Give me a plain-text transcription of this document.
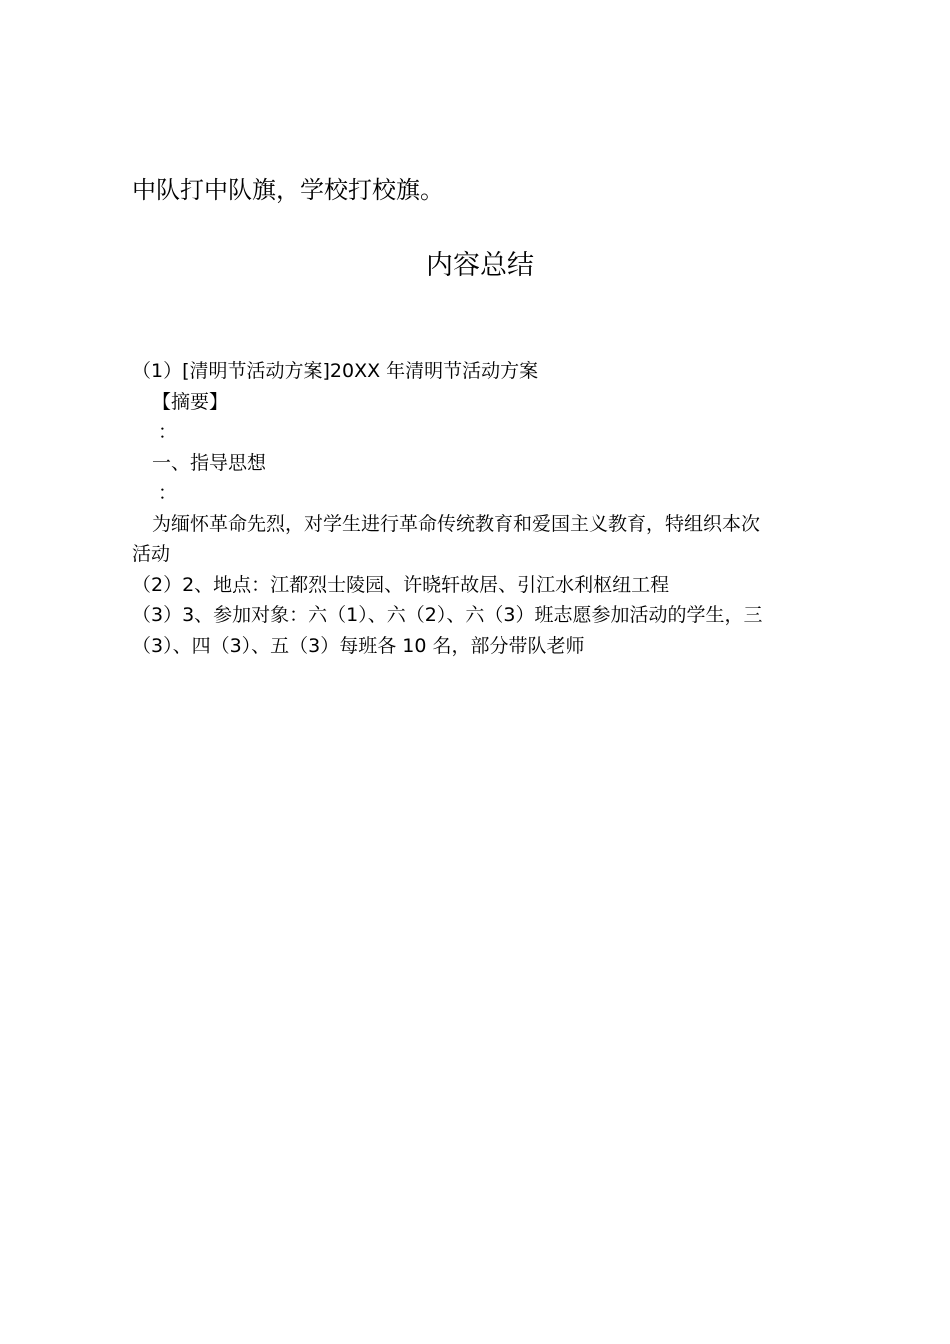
中队打中队旗，学校打校旗。
内容总结
（1）[清明节活动方案]20XX 年清明节活动方案
【摘要】
：
一、指导思想
：
为缅怀革命先烈，对学生进行革命传统教育和爱国主义教育，特组织本次
活动
（2）2、地点：江都烈士陵园、许晓轩故居、引江水利枢纽工程
（3）3、参加对象：六（1）、六（2）、六（3）班志愿参加活动的学生，三
（3）、四（3）、五（3）每班各 10 名，部分带队老师
